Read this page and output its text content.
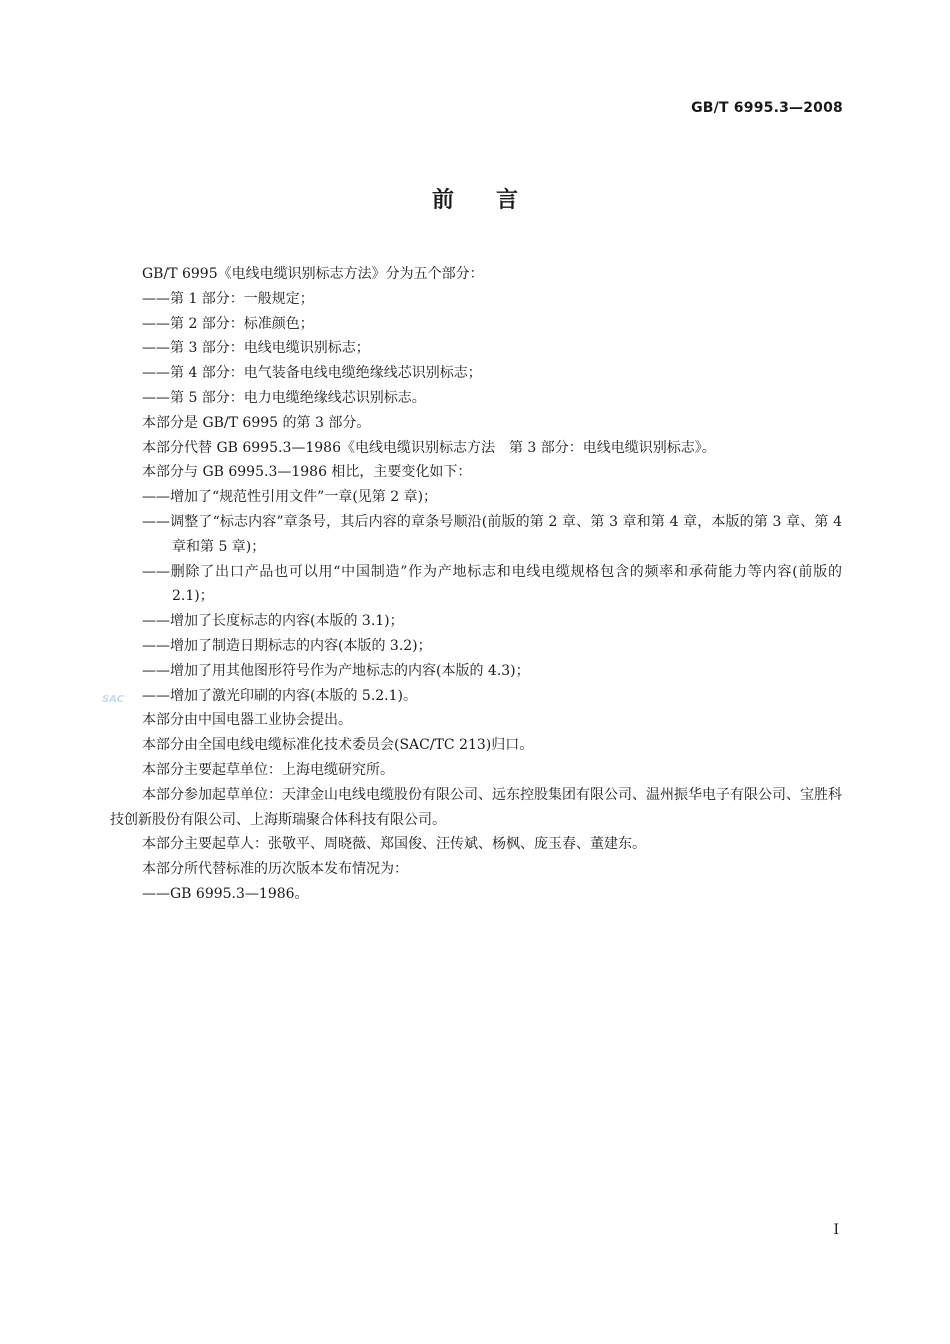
GB/T 6995.3—2008
前言
GB/T 6995《电线电缆识别标志方法》分为五个部分：
——第 1 部分：一般规定；
——第 2 部分：标准颜色；
——第 3 部分：电线电缆识别标志；
——第 4 部分：电气装备电线电缆绝缘线芯识别标志；
——第 5 部分：电力电缆绝缘线芯识别标志。
本部分是 GB/T 6995 的第 3 部分。
本部分代替 GB 6995.3—1986《电线电缆识别标志方法　第 3 部分：电线电缆识别标志》。
本部分与 GB 6995.3—1986 相比，主要变化如下：
——增加了“规范性引用文件”一章(见第 2 章)；
——调整了“标志内容”章条号，其后内容的章条号顺沿(前版的第 2 章、第 3 章和第 4 章，本版的第 3 章、第 4 章和第 5 章)；
——删除了出口产品也可以用“中国制造”作为产地标志和电线电缆规格包含的频率和承荷能力等内容(前版的 2.1)；
——增加了长度标志的内容(本版的 3.1)；
——增加了制造日期标志的内容(本版的 3.2)；
——增加了用其他图形符号作为产地标志的内容(本版的 4.3)；
——增加了激光印刷的内容(本版的 5.2.1)。
本部分由中国电器工业协会提出。
本部分由全国电线电缆标准化技术委员会(SAC/TC 213)归口。
本部分主要起草单位：上海电缆研究所。
本部分参加起草单位：天津金山电线电缆股份有限公司、远东控股集团有限公司、温州振华电子有限公司、宝胜科技创新股份有限公司、上海斯瑞聚合体科技有限公司。
本部分主要起草人：张敬平、周晓薇、郑国俊、汪传斌、杨枫、庞玉春、董建东。
本部分所代替标准的历次版本发布情况为：
——GB 6995.3—1986。
SAC
I
